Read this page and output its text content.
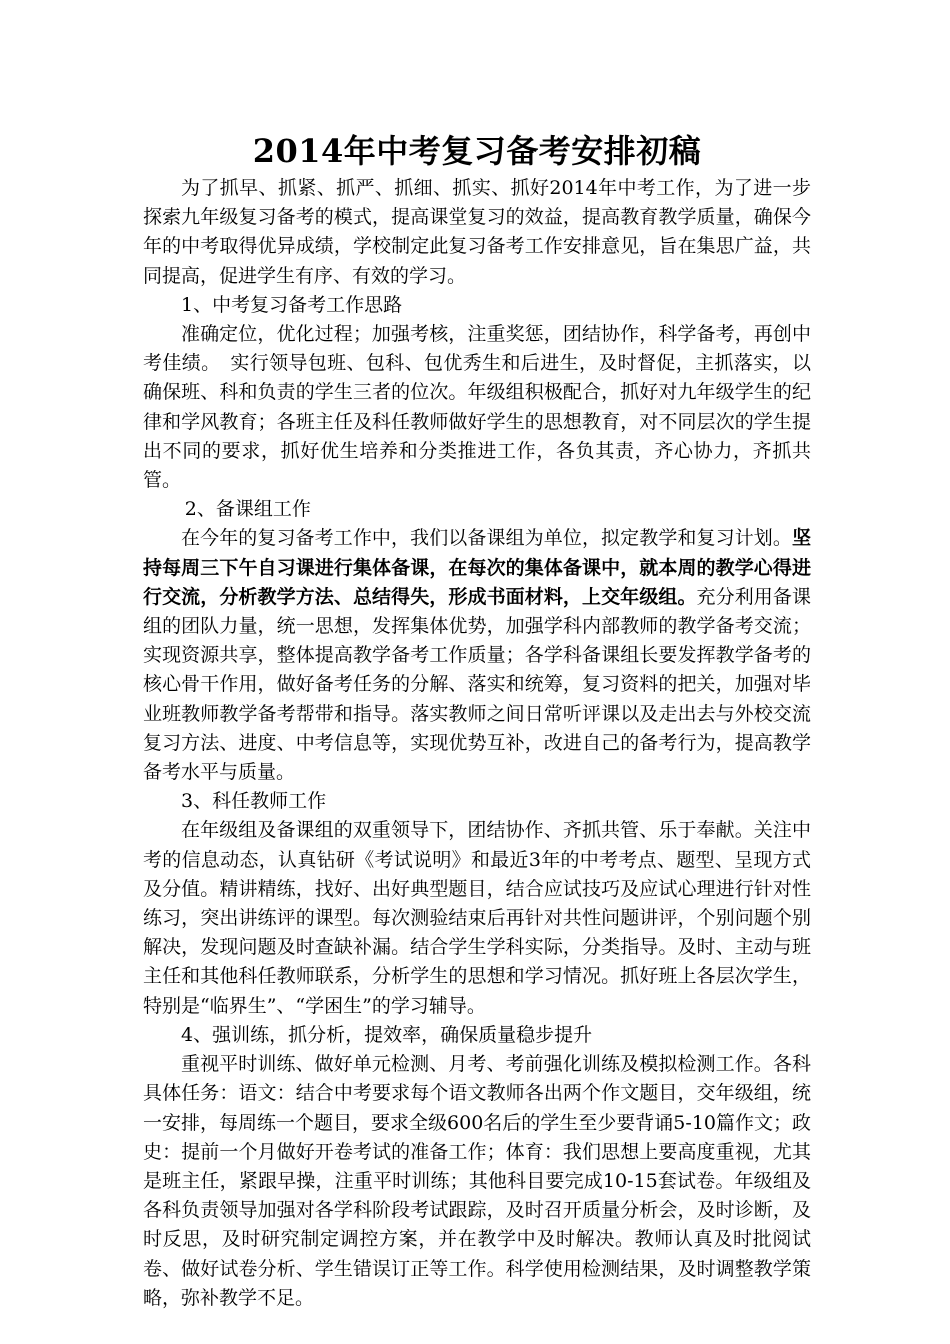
2014年中考复习备考安排初稿

为了抓早、抓紧、抓严、抓细、抓实、抓好2014年中考工作，为了进一步探索九年级复习备考的模式，提高课堂复习的效益，提高教育教学质量，确保今年的中考取得优异成绩，学校制定此复习备考工作安排意见，旨在集思广益，共同提高，促进学生有序、有效的学习。

1、中考复习备考工作思路

准确定位，优化过程；加强考核，注重奖惩，团结协作，科学备考，再创中考佳绩。　实行领导包班、包科、包优秀生和后进生，及时督促，主抓落实，以确保班、科和负责的学生三者的位次。年级组积极配合，抓好对九年级学生的纪律和学风教育；各班主任及科任教师做好学生的思想教育，对不同层次的学生提出不同的要求，抓好优生培养和分类推进工作，各负其责，齐心协力，齐抓共管。

2、备课组工作

在今年的复习备考工作中，我们以备课组为单位，拟定教学和复习计划。坚持每周三下午自习课进行集体备课，在每次的集体备课中，就本周的教学心得进行交流，分析教学方法、总结得失，形成书面材料，上交年级组。充分利用备课组的团队力量，统一思想，发挥集体优势，加强学科内部教师的教学备考交流；实现资源共享，整体提高教学备考工作质量；各学科备课组长要发挥教学备考的核心骨干作用，做好备考任务的分解、落实和统筹，复习资料的把关，加强对毕业班教师教学备考帮带和指导。落实教师之间日常听评课以及走出去与外校交流复习方法、进度、中考信息等，实现优势互补，改进自己的备考行为，提高教学备考水平与质量。

3、科任教师工作

在年级组及备课组的双重领导下，团结协作、齐抓共管、乐于奉献。关注中考的信息动态，认真钻研《考试说明》和最近3年的中考考点、题型、呈现方式及分值。精讲精练，找好、出好典型题目，结合应试技巧及应试心理进行针对性练习，突出讲练评的课型。每次测验结束后再针对共性问题讲评，个别问题个别解决，发现问题及时查缺补漏。结合学生学科实际，分类指导。及时、主动与班主任和其他科任教师联系，分析学生的思想和学习情况。抓好班上各层次学生，特别是“临界生”、“学困生”的学习辅导。

4、强训练，抓分析，提效率，确保质量稳步提升

重视平时训练、做好单元检测、月考、考前强化训练及模拟检测工作。各科具体任务：语文：结合中考要求每个语文教师各出两个作文题目，交年级组，统一安排，每周练一个题目，要求全级600名后的学生至少要背诵5-10篇作文；政史：提前一个月做好开卷考试的准备工作；体育：我们思想上要高度重视，尤其是班主任，紧跟早操，注重平时训练；其他科目要完成10-15套试卷。年级组及各科负责领导加强对各学科阶段考试跟踪，及时召开质量分析会，及时诊断，及时反思，及时研究制定调控方案，并在教学中及时解决。教师认真及时批阅试卷、做好试卷分析、学生错误订正等工作。科学使用检测结果，及时调整教学策略，弥补教学不足。
